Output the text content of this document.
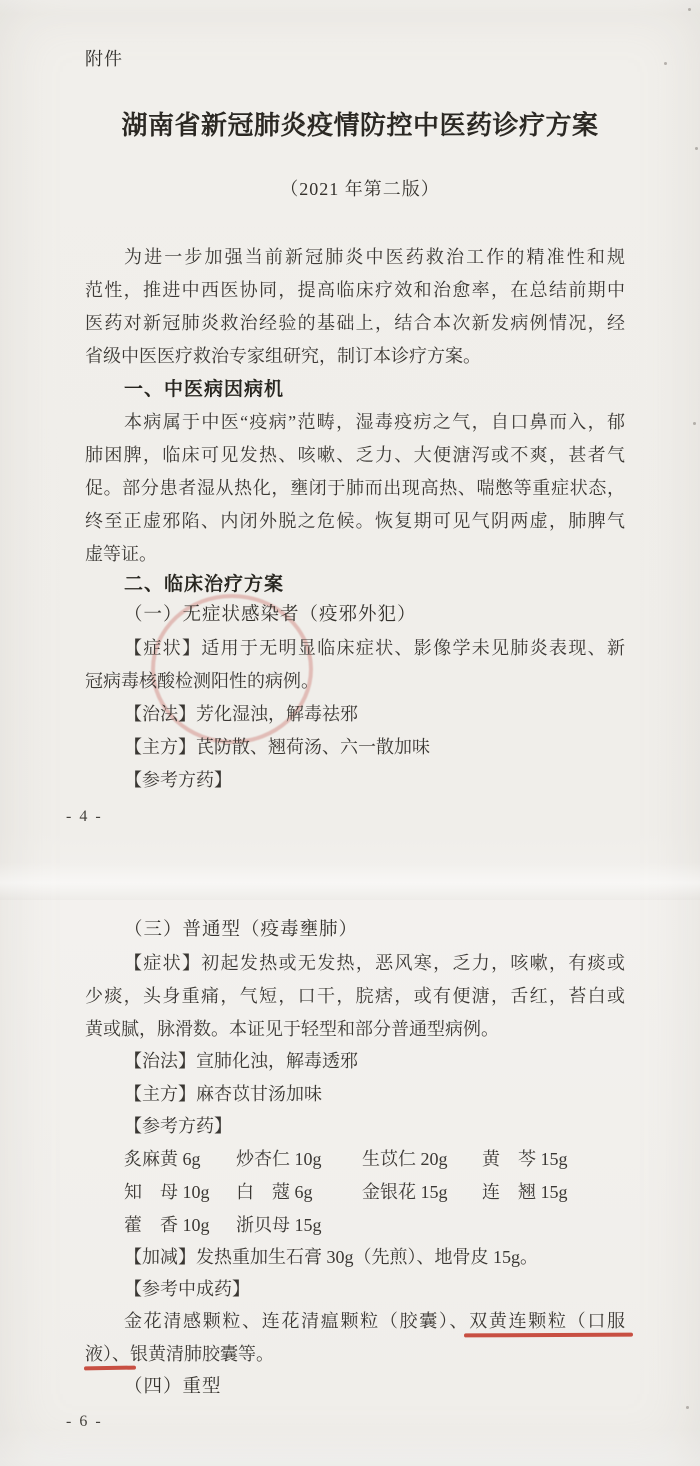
附件
湖南省新冠肺炎疫情防控中医药诊疗方案
（2021 年第二版）
为进一步加强当前新冠肺炎中医药救治工作的精准性和规
范性，推进中西医协同，提高临床疗效和治愈率，在总结前期中
医药对新冠肺炎救治经验的基础上，结合本次新发病例情况，经
省级中医医疗救治专家组研究，制订本诊疗方案。
一、中医病因病机
本病属于中医“疫病”范畴，湿毒疫疠之气，自口鼻而入，郁
肺困脾，临床可见发热、咳嗽、乏力、大便溏泻或不爽，甚者气
促。部分患者湿从热化，壅闭于肺而出现高热、喘憋等重症状态，
终至正虚邪陷、内闭外脱之危候。恢复期可见气阴两虚，肺脾气
虚等证。
二、临床治疗方案
（一）无症状感染者（疫邪外犯）
【症状】适用于无明显临床症状、影像学未见肺炎表现、新
冠病毒核酸检测阳性的病例。
【治法】芳化湿浊，解毒祛邪
【主方】芪防散、翘荷汤、六一散加味
【参考方药】
- 4 -
（三）普通型（疫毒壅肺）
【症状】初起发热或无发热，恶风寒，乏力，咳嗽，有痰或
少痰，头身重痛，气短，口干，脘痞，或有便溏，舌红，苔白或
黄或腻，脉滑数。本证见于轻型和部分普通型病例。
【治法】宣肺化浊，解毒透邪
【主方】麻杏苡甘汤加味
【参考方药】
炙麻黄 6g 炒杏仁 10g 生苡仁 20g 黄　芩 15g
知　母 10g 白　蔻 6g	金银花 15g 连　翘 15g
藿　香 10g 浙贝母 15g
【加减】发热重加生石膏 30g（先煎）、地骨皮 15g。
【参考中成药】
金花清感颗粒、连花清瘟颗粒（胶囊）、双黄连颗粒（口服
液）、银黄清肺胶囊等。
（四）重型
- 6 -
